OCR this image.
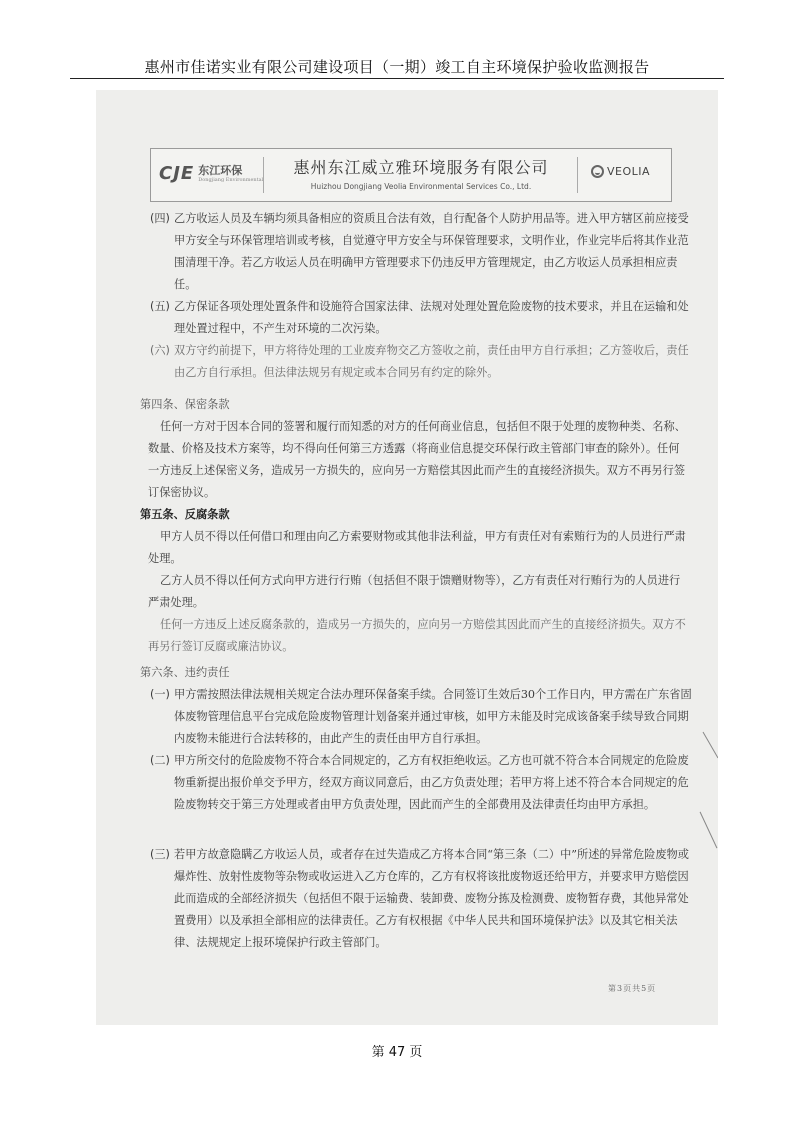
惠州市佳诺实业有限公司建设项目（一期）竣工自主环境保护验收监测报告
CJE 东江环保
Dongjiang Environmental
惠州东江威立雅环境服务有限公司
Huizhou Dongjiang Veolia Environmental Services Co., Ltd.
VEOLIA
(四) 乙方收运人员及车辆均须具备相应的资质且合法有效，自行配备个人防护用品等。进入甲方辖区前应接受甲方安全与环保管理培训或考核，自觉遵守甲方安全与环保管理要求，文明作业，作业完毕后将其作业范围清理干净。若乙方收运人员在明确甲方管理要求下仍违反甲方管理规定，由乙方收运人员承担相应责任。
(五) 乙方保证各项处理处置条件和设施符合国家法律、法规对处理处置危险废物的技术要求，并且在运输和处理处置过程中，不产生对环境的二次污染。
(六) 双方守约前提下，甲方将待处理的工业废弃物交乙方签收之前，责任由甲方自行承担；乙方签收后，责任由乙方自行承担。但法律法规另有规定或本合同另有约定的除外。
第四条、保密条款
任何一方对于因本合同的签署和履行而知悉的对方的任何商业信息，包括但不限于处理的废物种类、名称、数量、价格及技术方案等，均不得向任何第三方透露（将商业信息提交环保行政主管部门审查的除外）。任何一方违反上述保密义务，造成另一方损失的，应向另一方赔偿其因此而产生的直接经济损失。双方不再另行签订保密协议。
第五条、反腐条款
甲方人员不得以任何借口和理由向乙方索要财物或其他非法利益，甲方有责任对有索贿行为的人员进行严肃处理。
乙方人员不得以任何方式向甲方进行行贿（包括但不限于馈赠财物等），乙方有责任对行贿行为的人员进行严肃处理。
任何一方违反上述反腐条款的，造成另一方损失的，应向另一方赔偿其因此而产生的直接经济损失。双方不再另行签订反腐或廉洁协议。
第六条、违约责任
(一) 甲方需按照法律法规相关规定合法办理环保备案手续。合同签订生效后30个工作日内，甲方需在广东省固体废物管理信息平台完成危险废物管理计划备案并通过审核，如甲方未能及时完成该备案手续导致合同期内废物未能进行合法转移的，由此产生的责任由甲方自行承担。
(二) 甲方所交付的危险废物不符合本合同规定的，乙方有权拒绝收运。乙方也可就不符合本合同规定的危险废物重新提出报价单交予甲方，经双方商议同意后，由乙方负责处理；若甲方将上述不符合本合同规定的危险废物转交于第三方处理或者由甲方负责处理，因此而产生的全部费用及法律责任均由甲方承担。
(三) 若甲方故意隐瞒乙方收运人员，或者存在过失造成乙方将本合同“第三条（二）中”所述的异常危险废物或爆炸性、放射性废物等杂物或收运进入乙方仓库的，乙方有权将该批废物返还给甲方，并要求甲方赔偿因此而造成的全部经济损失（包括但不限于运输费、装卸费、废物分拣及检测费、废物暂存费，其他异常处置费用）以及承担全部相应的法律责任。乙方有权根据《中华人民共和国环境保护法》以及其它相关法律、法规规定上报环境保护行政主管部门。
第3页共5页
第 47 页
